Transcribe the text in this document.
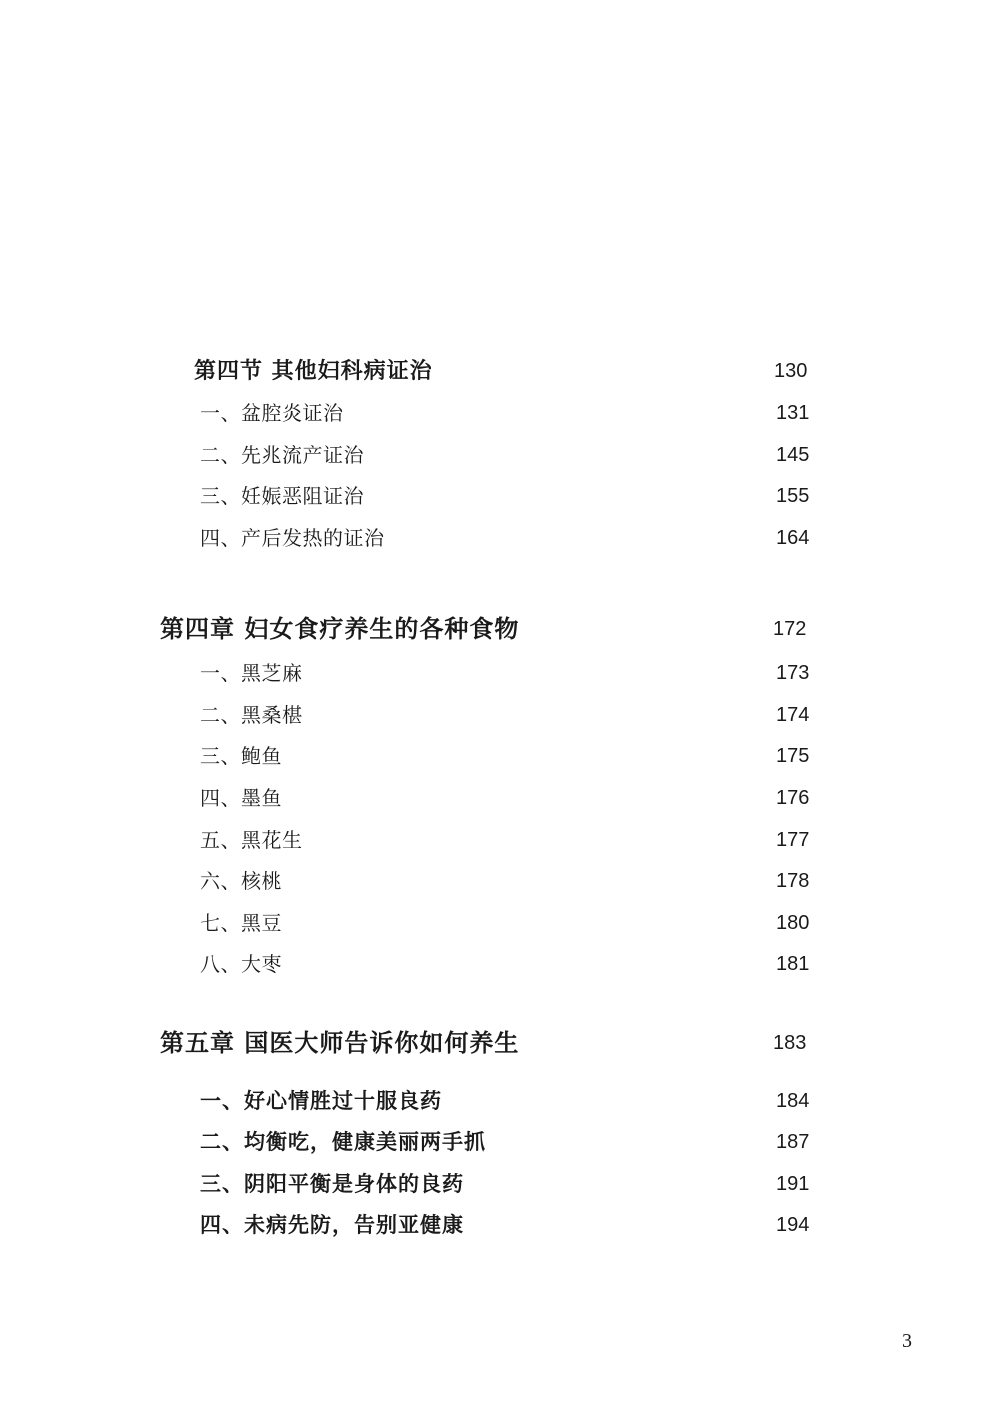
第四节 其他妇科病证治	130
一、盆腔炎证治	131
二、先兆流产证治	145
三、妊娠恶阻证治	155
四、产后发热的证治	164
第四章 妇女食疗养生的各种食物	172
一、黑芝麻	173
二、黑桑椹	174
三、鲍鱼	175
四、墨鱼	176
五、黑花生	177
六、核桃	178
七、黑豆	180
八、大枣	181
第五章 国医大师告诉你如何养生	183
一、好心情胜过十服良药	184
二、均衡吃，健康美丽两手抓	187
三、阴阳平衡是身体的良药	191
四、未病先防，告别亚健康	194
3
